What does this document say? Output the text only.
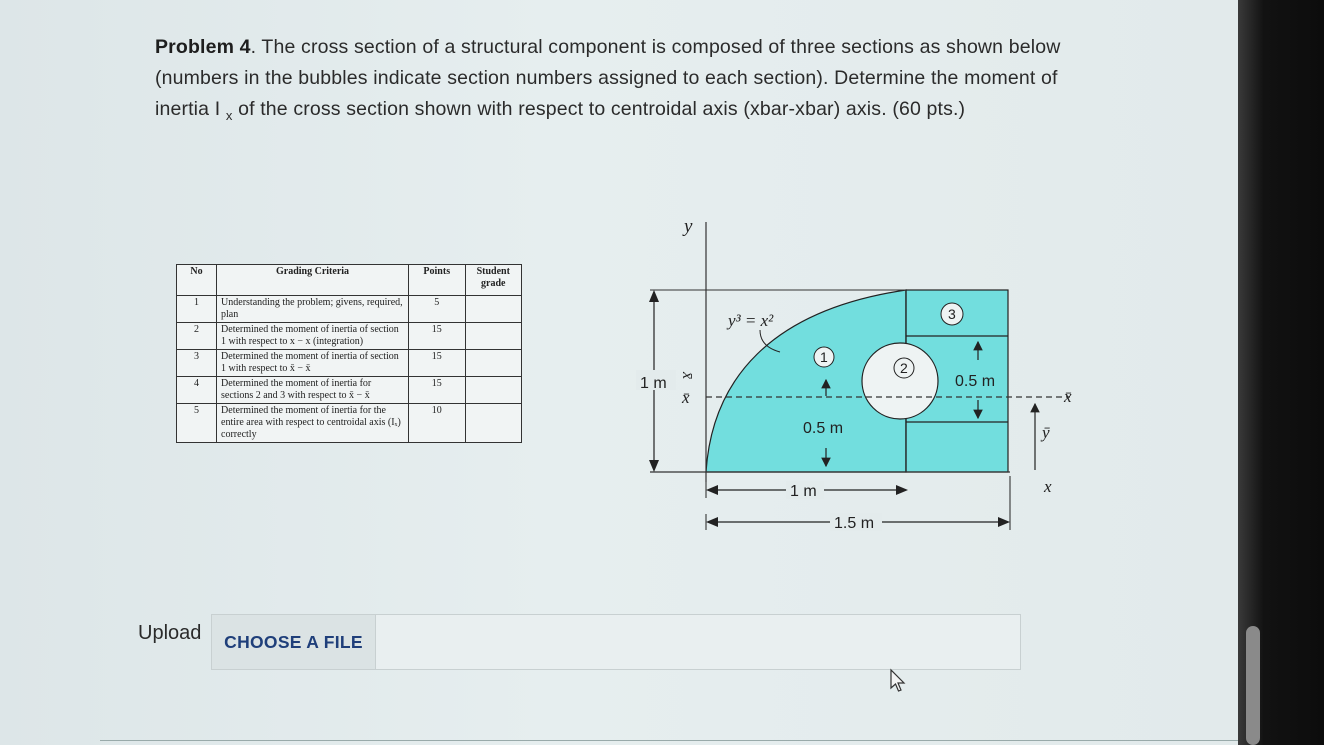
Problem 4. The cross section of a structural component is composed of three sections as shown below (numbers in the bubbles indicate section numbers assigned to each section). Determine the moment of inertia I $_x$ of the cross section shown with respect to centroidal axis (xbar-xbar) axis. (60 pts.)
No	Grading Criteria	Points	Student grade
1	Understanding the problem; givens, required, plan	5	
2	Determined the moment of inertia of section 1 with respect to x − x (integration)	15	
3	Determined the moment of inertia of section 1 with respect to x̄ − x̄	15	
4	Determined the moment of inertia for sections 2 and 3 with respect to x̄ − x̄	15	
5	Determined the moment of inertia for the entire area with respect to centroidal axis (Iₓ) correctly	10	
y
x
x̄	x̄
x̄
1 m
y³ = x²
0.5 m
0.5 m
ȳ
1
2
3
1 m
1.5 m
Upload	CHOOSE A FILE
